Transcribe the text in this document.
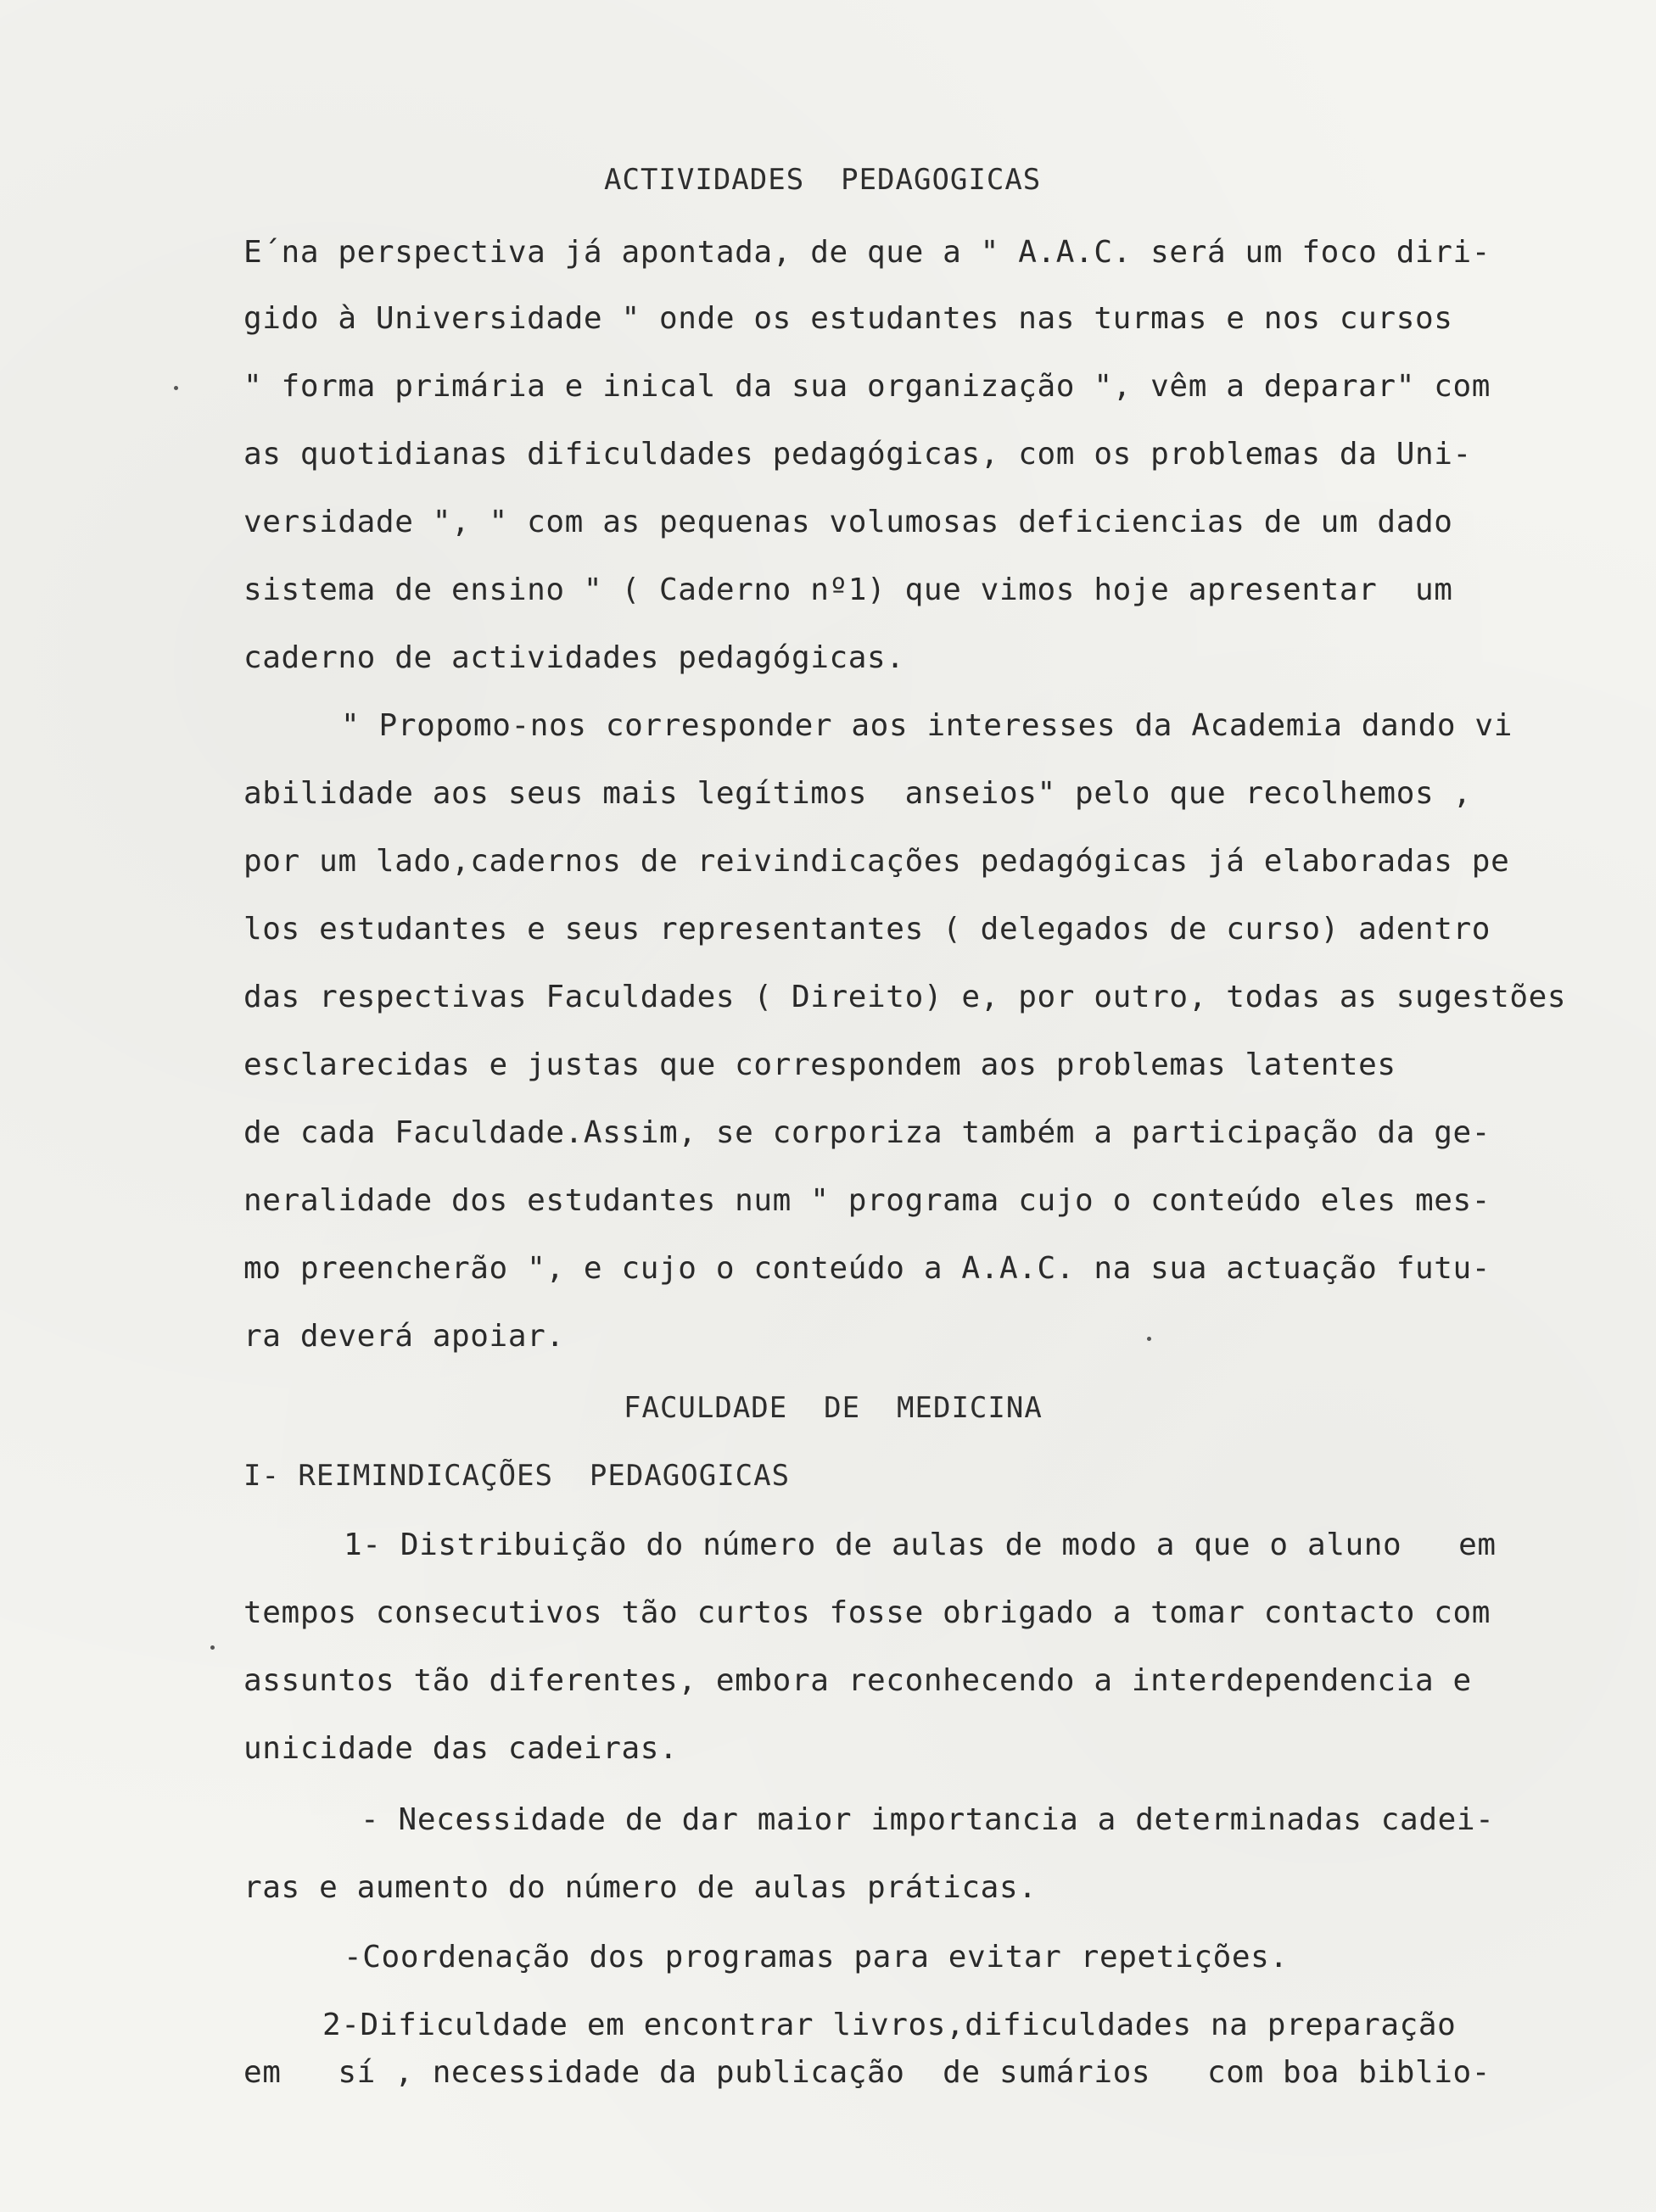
ACTIVIDADES  PEDAGOGICAS

E´na perspectiva já apontada, de que a " A.A.C. será um foco diri-

gido à Universidade " onde os estudantes nas turmas e nos cursos

" forma primária e inical da sua organização ", vêm a deparar" com

as quotidianas dificuldades pedagógicas, com os problemas da Uni-

versidade ", " com as pequenas volumosas deficiencias de um dado

sistema de ensino " ( Caderno nº1) que vimos hoje apresentar  um

caderno de actividades pedagógicas.

" Propomo-nos corresponder aos interesses da Academia dando vi

abilidade aos seus mais legítimos  anseios" pelo que recolhemos ,

por um lado,cadernos de reivindicações pedagógicas já elaboradas pe

los estudantes e seus representantes ( delegados de curso) adentro

das respectivas Faculdades ( Direito) e, por outro, todas as sugestões

esclarecidas e justas que correspondem aos problemas latentes

de cada Faculdade.Assim, se corporiza também a participação da ge-

neralidade dos estudantes num " programa cujo o conteúdo eles mes-

mo preencherão ", e cujo o conteúdo a A.A.C. na sua actuação futu-

ra deverá apoiar.

FACULDADE  DE  MEDICINA

I- REIMINDICAÇÕES  PEDAGOGICAS

1- Distribuição do número de aulas de modo a que o aluno   em

tempos consecutivos tão curtos fosse obrigado a tomar contacto com

assuntos tão diferentes, embora reconhecendo a interdependencia e

unicidade das cadeiras.

- Necessidade de dar maior importancia a determinadas cadei-

ras e aumento do número de aulas práticas.

-Coordenação dos programas para evitar repetições.

2-Dificuldade em encontrar livros,dificuldades na preparação

em   sí , necessidade da publicação  de sumários   com boa biblio-
